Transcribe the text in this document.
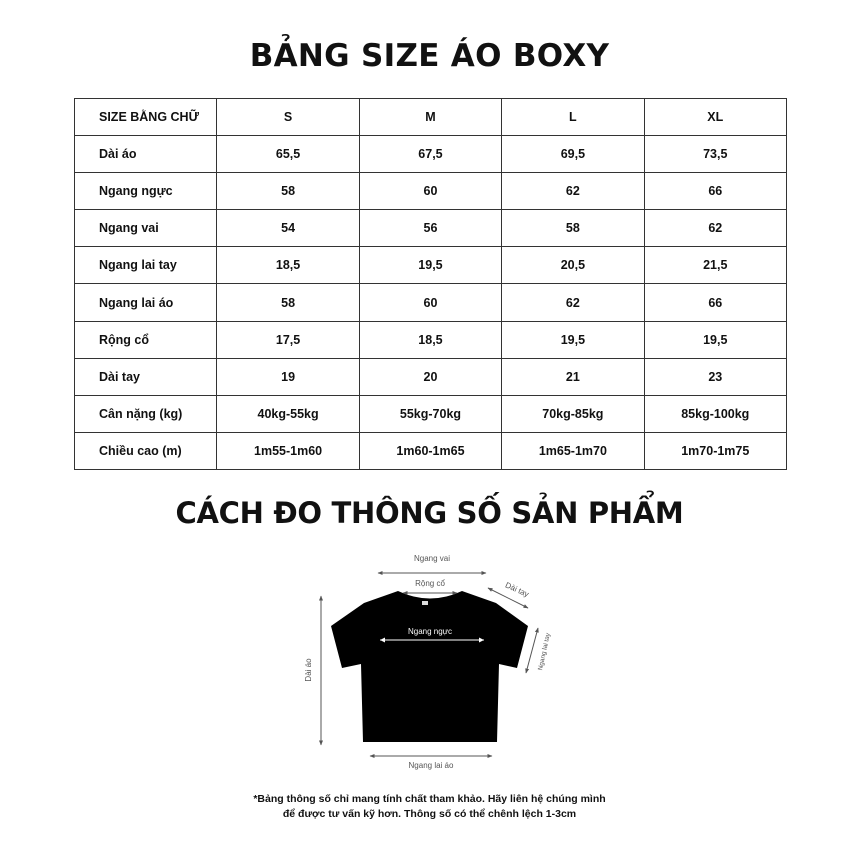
BẢNG SIZE ÁO BOXY
SIZE BẰNG CHỮ	S	M	L	XL
Dài áo	65,5	67,5	69,5	73,5
Ngang ngực	58	60	62	66
Ngang vai	54	56	58	62
Ngang lai tay	18,5	19,5	20,5	21,5
Ngang lai áo	58	60	62	66
Rộng cổ	17,5	18,5	19,5	19,5
Dài tay	19	20	21	23
Cân nặng (kg)	40kg-55kg	55kg-70kg	70kg-85kg	85kg-100kg
Chiều cao (m)	1m55-1m60	1m60-1m65	1m65-1m70	1m70-1m75
CÁCH ĐO THÔNG SỐ SẢN PHẨM
Ngang vai
Rộng cổ	Dài tay
Ngang ngực
Ngang lai tay
Dài áo
Ngang lai áo
*Bảng thông số chỉ mang tính chất tham khảo. Hãy liên hệ chúng mình
để được tư vấn kỹ hơn. Thông số có thể chênh lệch 1-3cm
